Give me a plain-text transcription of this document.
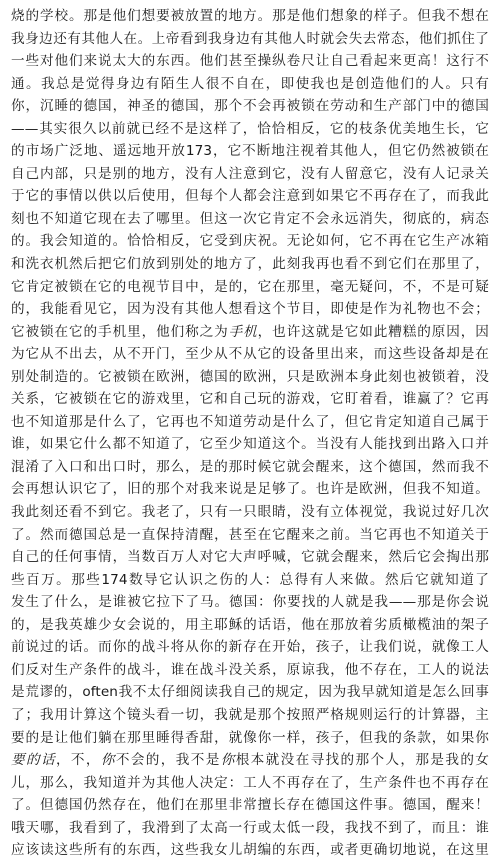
烧的学校。那是他们想要被放置的地方。那是他们想象的样子。但我不想在
我身边还有其他人在。上帝看到我身边有其他人时就会失去常态，他们抓住了
一些对他们来说太大的东西。他们甚至操纵卷尺让自己看起来更高！这行不
通。我总是觉得身边有陌生人很不自在，即使我也是创造他们的人。只有
你，沉睡的德国，神圣的德国，那个不会再被锁在劳动和生产部门中的德国
——其实很久以前就已经不是这样了，恰恰相反，它的枝条优美地生长，它
的市场广泛地、遥远地开放173，它不断地注视着其他人，但它仍然被锁在
自己内部，只是别的地方，没有人注意到它，没有人留意它，没有人记录关
于它的事情以供以后使用，但每个人都会注意到如果它不再存在了，而我此
刻也不知道它现在去了哪里。但这一次它肯定不会永远消失，彻底的，病态
的。我会知道的。恰恰相反，它受到庆祝。无论如何，它不再在它生产冰箱
和洗衣机然后把它们放到别处的地方了，此刻我再也看不到它们在那里了，
它肯定被锁在它的电视节目中，是的，它在那里，毫无疑问，不，不是可疑
的，我能看见它，因为没有其他人想看这个节目，即使是作为礼物也不会；
它被锁在它的手机里，他们称之为手机，也许这就是它如此糟糕的原因，因
为它从不出去，从不开门，至少从不从它的设备里出来，而这些设备却是在
别处制造的。它被锁在欧洲，德国的欧洲，只是欧洲本身此刻也被锁着，没
关系，它被锁在它的游戏里，它和自己玩的游戏，它盯着看，谁赢了？它再
也不知道那是什么了，它再也不知道劳动是什么了，但它肯定知道自己属于
谁，如果它什么都不知道了，它至少知道这个。当没有人能找到出路入口并
混淆了入口和出口时，那么，是的那时候它就会醒来，这个德国，然而我不
会再想认识它了，旧的那个对我来说是足够了。也许是欧洲，但我不知道。
我此刻还看不到它。我老了，只有一只眼睛，没有立体视觉，我说过好几次
了。然而德国总是一直保持清醒，甚至在它醒来之前。当它再也不知道关于
自己的任何事情，当数百万人对它大声呼喊，它就会醒来，然后它会掏出那
些百万。那些174数导它认识之伤的人：总得有人来做。然后它就知道了
发生了什么，是谁被它拉下了马。德国：你要找的人就是我——那是你会说
的，是我英雄少女会说的，用主耶稣的话语，他在那放着劣质橄榄油的架子
前说过的话。而你的战斗将从你的新存在开始，孩子，让我们说，就像工人
们反对生产条件的战斗，谁在战斗没关系，原谅我，他不存在，工人的说法
是荒谬的，often我不太仔细阅读我自己的规定，因为我早就知道是怎么回事
了；我用计算这个镜头看一切，我就是那个按照严格规则运行的计算器，主
要的是让他们躺在那里睡得香甜，就像你一样，孩子，但我的条款，如果你
要的话，不，你不会的，我不是你根本就没在寻找的那个人，那是我的女
儿，那么，我知道并为其他人决定：工人不再存在了，生产条件也不再存在
了。但德国仍然存在，他们在那里非常擅长存在德国这件事。德国，醒来！
哦天哪，我看到了，我滑到了太高一行或太低一段，我找不到了，而且：谁
应该读这些所有的东西，这些我女儿胡编的东西，或者更确切地说，在这里
